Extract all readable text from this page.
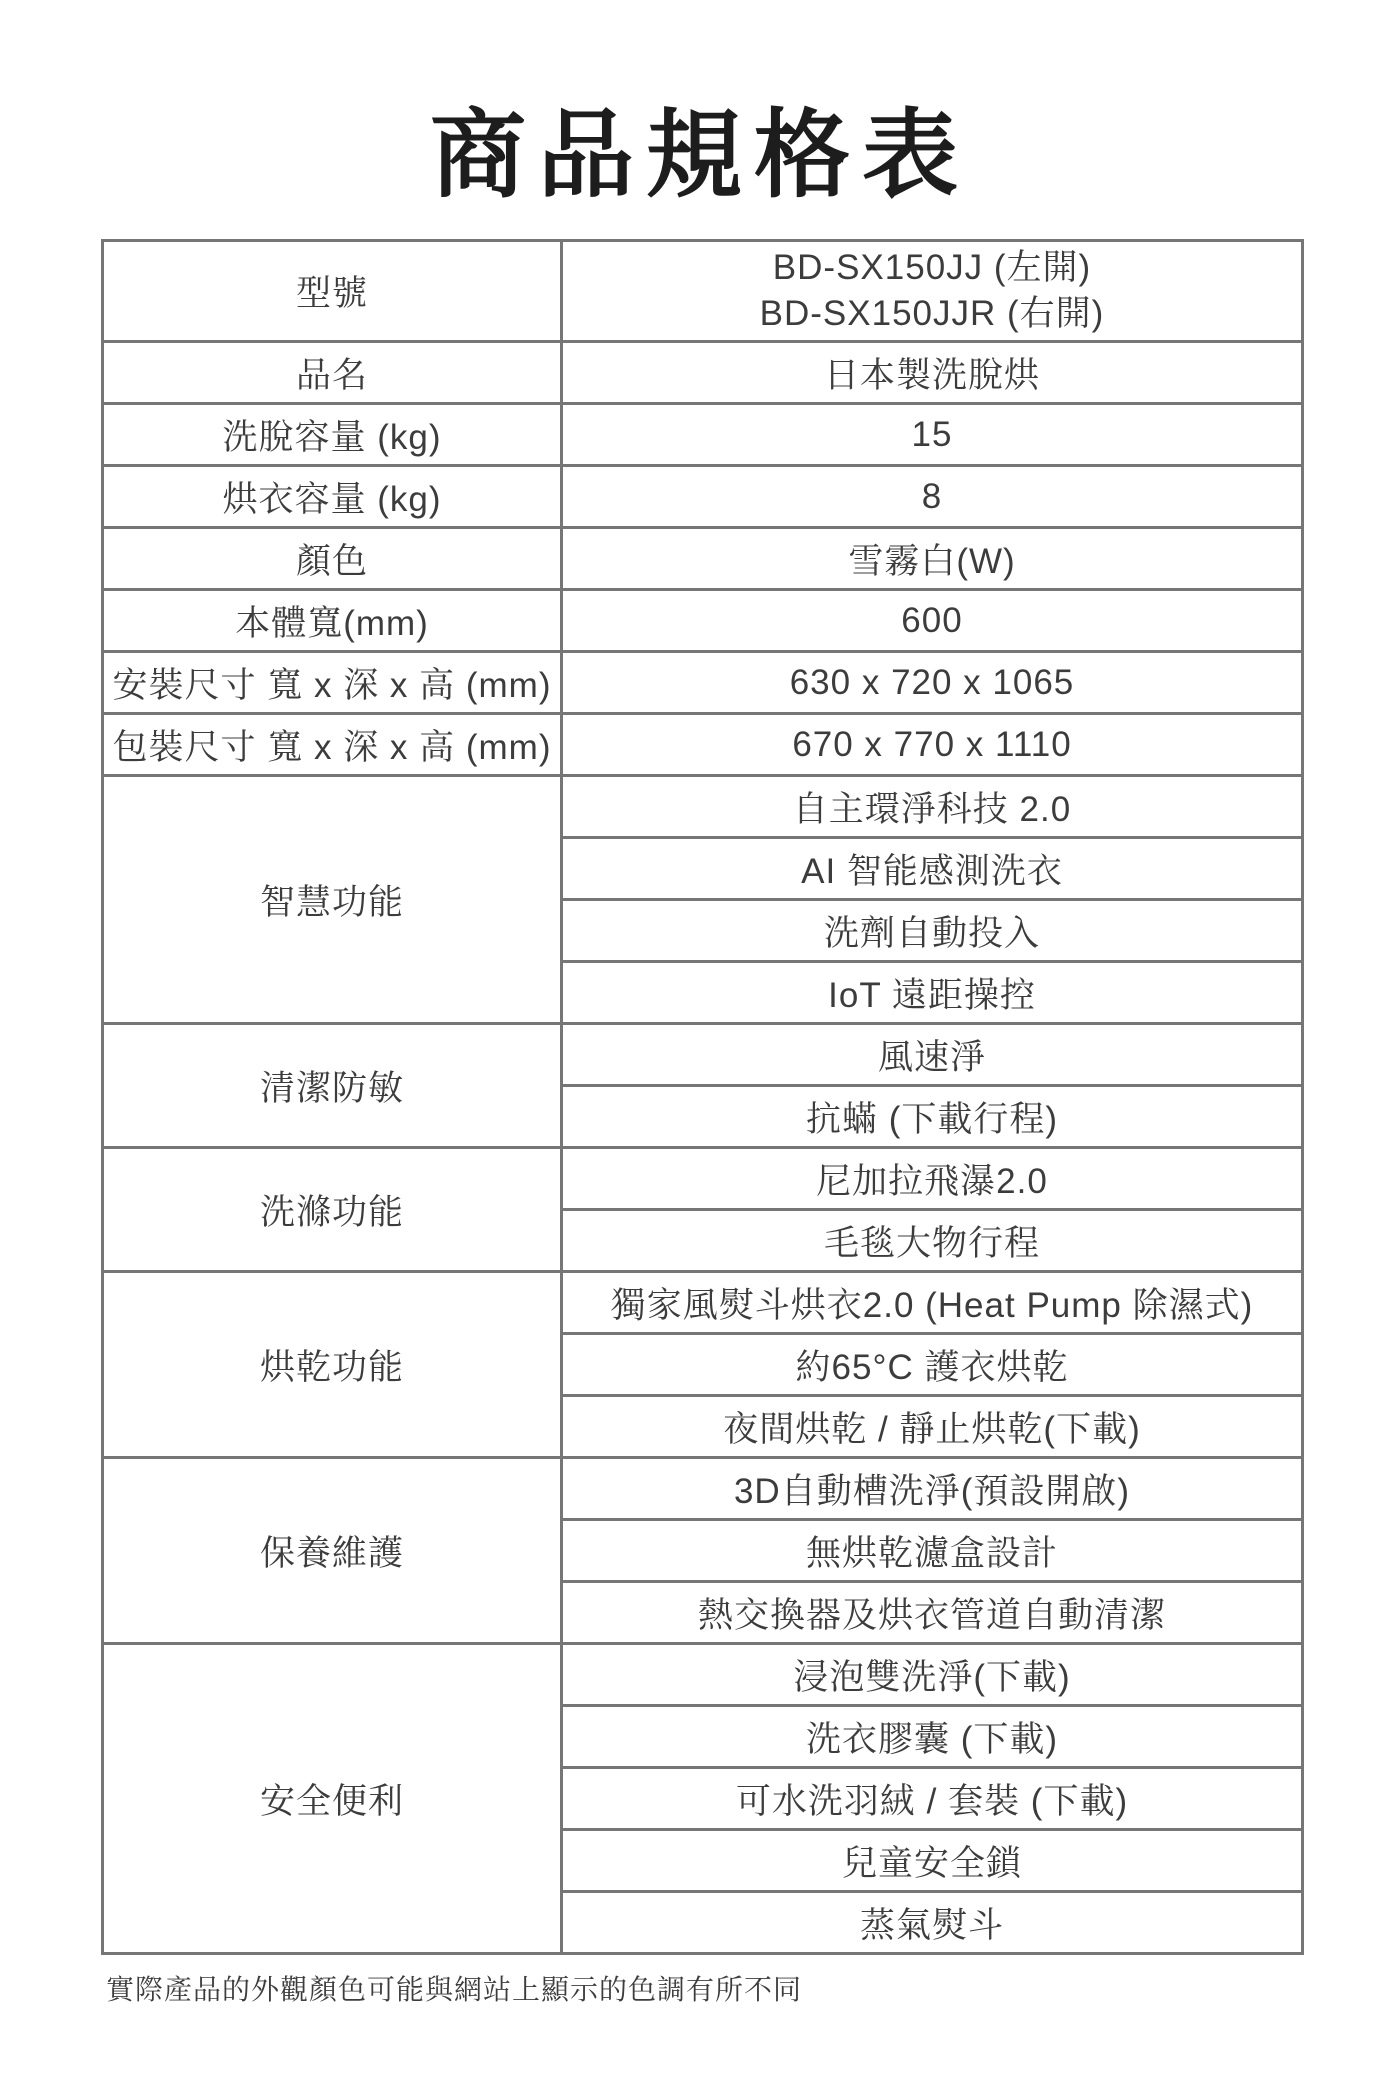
商品規格表
型號	BD-SX150JJ (左開)
BD-SX150JJR (右開)

品名	日本製洗脫烘
洗脫容量 (kg)	15
烘衣容量 (kg)	8
顏色	雪霧白(W)
本體寬(mm)	600
安裝尺寸 寬 x 深 x 高 (mm)	630 x 720 x 1065
包裝尺寸 寬 x 深 x 高 (mm)	670 x 770 x 1110
智慧功能	自主環淨科技 2.0
	AI 智能感測洗衣
	洗劑自動投入
	IoT 遠距操控
清潔防敏	風速淨
	抗蟎 (下載行程)
洗滌功能	尼加拉飛瀑2.0
	毛毯大物行程
烘乾功能	獨家風熨斗烘衣2.0 (Heat Pump 除濕式)
	約65°C 護衣烘乾
	夜間烘乾 / 靜止烘乾(下載)
保養維護	3D自動槽洗淨(預設開啟)
	無烘乾濾盒設計
	熱交換器及烘衣管道自動清潔
安全便利	浸泡雙洗淨(下載)
	洗衣膠囊 (下載)
	可水洗羽絨 / 套裝 (下載)
	兒童安全鎖
	蒸氣熨斗
實際產品的外觀顏色可能與網站上顯示的色調有所不同
